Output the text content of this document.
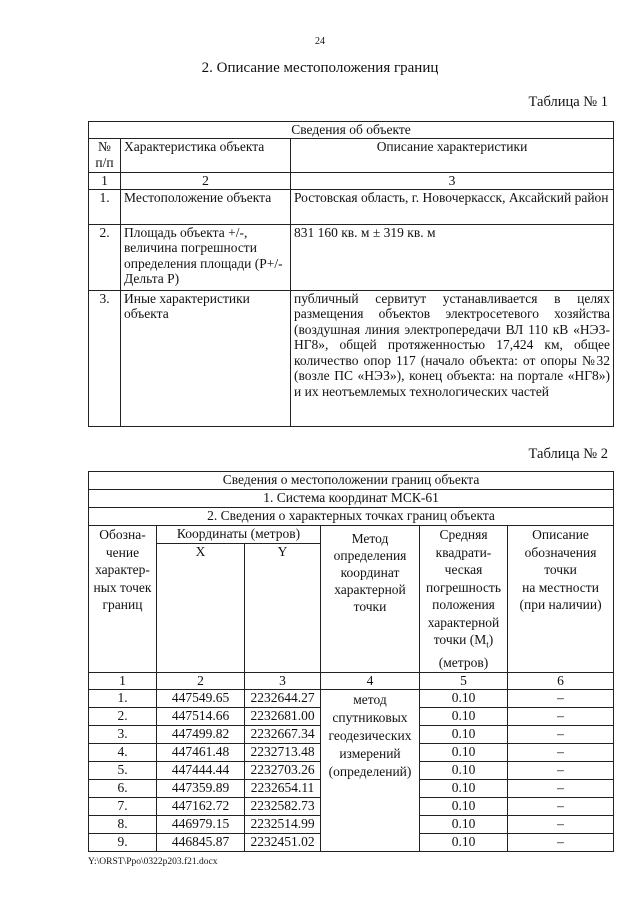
24
2. Описание местоположения границ
Таблица № 1
Сведения об объекте		
№
п/п	Характеристика объекта	Описание характеристики
1	2	3
1.	Местоположение объекта	Ростовская область, г. Новочеркасск, Аксайский район
2.	Площадь объекта +/-, величина погрешности определения площади (Р+/- Дельта Р)	831 160 кв. м ± 319 кв. м
3.	Иные характеристики объекта	публичный сервитут устанавливается в целях размещения объектов электросетевого хозяйства (воздушная линия электропередачи ВЛ 110 кВ «НЭЗ-НГ8», общей протяженностью 17,424 км, общее количество опор 117 (начало объекта: от опоры №32 (возле ПС «НЭЗ»), конец объекта: на портале «НГ8») и их неотъемлемых технологических частей
Таблица № 2
Сведения о местоположении границ объекта					
1. Система координат МСК-61					
2. Сведения о характерных точках границ объекта					
Обозна-чение характер-ных точек границ	Координаты (метров)		Метод определения координат характерной точки	Средняя квадрати-ческая погрешность положения характерной точки $(M_t)$ (метров)	Описание обозначения точки
на местности (при наличии)
	X	Y			
1	2	3	4	5	6
1.	447549.65	2232644.27	метод спутниковых геодезических измерений (определений)	0.10	–
2.	447514.66	2232681.00		0.10	–
3.	447499.82	2232667.34		0.10	–
4.	447461.48	2232713.48		0.10	–
5.	447444.44	2232703.26		0.10	–
6.	447359.89	2232654.11		0.10	–
7.	447162.72	2232582.73		0.10	–
8.	446979.15	2232514.99		0.10	–
9.	446845.87	2232451.02		0.10	–
Y:\ORST\Ppo\0322p203.f21.docx
